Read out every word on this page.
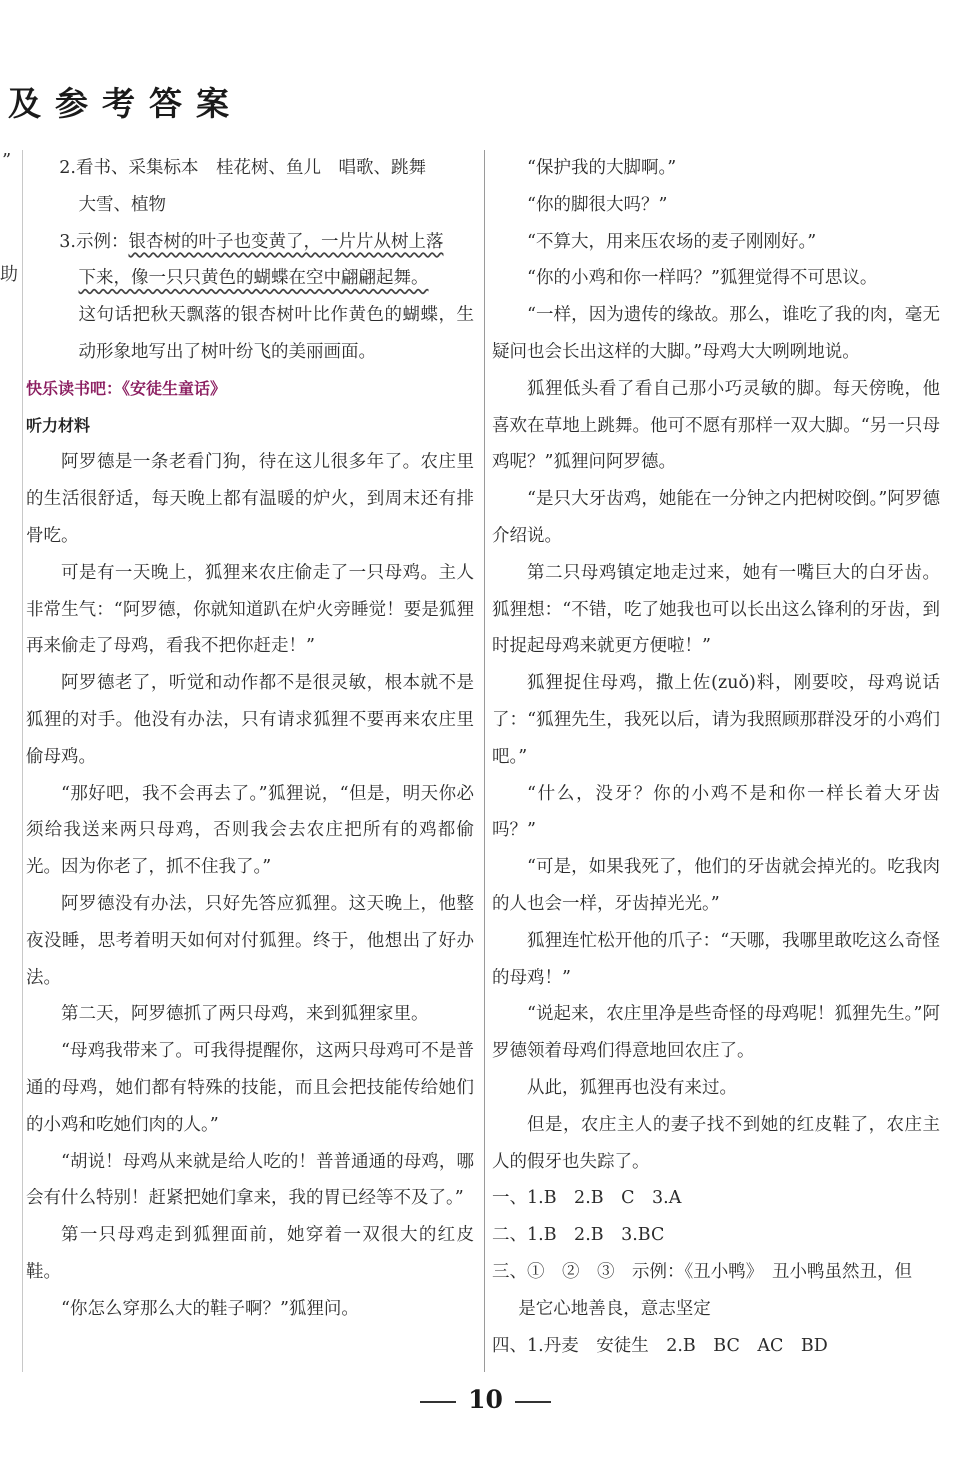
及参考答案
”
助

2.看书、采集标本　桂花树、鱼儿　唱歌、跳舞
大雪、植物

3.示例：银杏树的叶子也变黄了，一片片从树上落
下来，像一只只黄色的蝴蝶在空中翩翩起舞。

这句话把秋天飘落的银杏树叶比作黄色的蝴蝶，生动形象地写出了树叶纷飞的美丽画面。

快乐读书吧：《安徒生童话》

听力材料

阿罗德是一条老看门狗，待在这儿很多年了。农庄里的生活很舒适，每天晚上都有温暖的炉火，到周末还有排骨吃。

可是有一天晚上，狐狸来农庄偷走了一只母鸡。主人非常生气：“阿罗德，你就知道趴在炉火旁睡觉！要是狐狸再来偷走了母鸡，看我不把你赶走！”

阿罗德老了，听觉和动作都不是很灵敏，根本就不是狐狸的对手。他没有办法，只有请求狐狸不要再来农庄里偷母鸡。

“那好吧，我不会再去了。”狐狸说，“但是，明天你必须给我送来两只母鸡，否则我会去农庄把所有的鸡都偷光。因为你老了，抓不住我了。”

阿罗德没有办法，只好先答应狐狸。这天晚上，他整夜没睡，思考着明天如何对付狐狸。终于，他想出了好办法。

第二天，阿罗德抓了两只母鸡，来到狐狸家里。

“母鸡我带来了。可我得提醒你，这两只母鸡可不是普通的母鸡，她们都有特殊的技能，而且会把技能传给她们的小鸡和吃她们肉的人。”

“胡说！母鸡从来就是给人吃的！普普通通的母鸡，哪会有什么特别！赶紧把她们拿来，我的胃已经等不及了。”

第一只母鸡走到狐狸面前，她穿着一双很大的红皮鞋。

“你怎么穿那么大的鞋子啊？”狐狸问。

“保护我的大脚啊。”

“你的脚很大吗？”

“不算大，用来压农场的麦子刚刚好。”

“你的小鸡和你一样吗？”狐狸觉得不可思议。

“一样，因为遗传的缘故。那么，谁吃了我的肉，毫无疑问也会长出这样的大脚。”母鸡大大咧咧地说。

狐狸低头看了看自己那小巧灵敏的脚。每天傍晚，他喜欢在草地上跳舞。他可不愿有那样一双大脚。“另一只母鸡呢？”狐狸问阿罗德。

“是只大牙齿鸡，她能在一分钟之内把树咬倒。”阿罗德介绍说。

第二只母鸡镇定地走过来，她有一嘴巨大的白牙齿。狐狸想：“不错，吃了她我也可以长出这么锋利的牙齿，到时捉起母鸡来就更方便啦！”

狐狸捉住母鸡，撒上佐(zuǒ)料，刚要咬，母鸡说话了：“狐狸先生，我死以后，请为我照顾那群没牙的小鸡们吧。”

“什么，没牙？你的小鸡不是和你一样长着大牙齿吗？”

“可是，如果我死了，他们的牙齿就会掉光的。吃我肉的人也会一样，牙齿掉光光。”

狐狸连忙松开他的爪子：“天哪，我哪里敢吃这么奇怪的母鸡！”

“说起来，农庄里净是些奇怪的母鸡呢！狐狸先生。”阿罗德领着母鸡们得意地回农庄了。

从此，狐狸再也没有来过。

但是，农庄主人的妻子找不到她的红皮鞋了，农庄主人的假牙也失踪了。

一、1.B　2.B　C　3.A

二、1.B　2.B　3.BC

三、①　②　③　示例：《丑小鸭》　丑小鸭虽然丑，但
是它心地善良，意志坚定

四、1.丹麦　安徒生　2.B　BC　AC　BD

10
